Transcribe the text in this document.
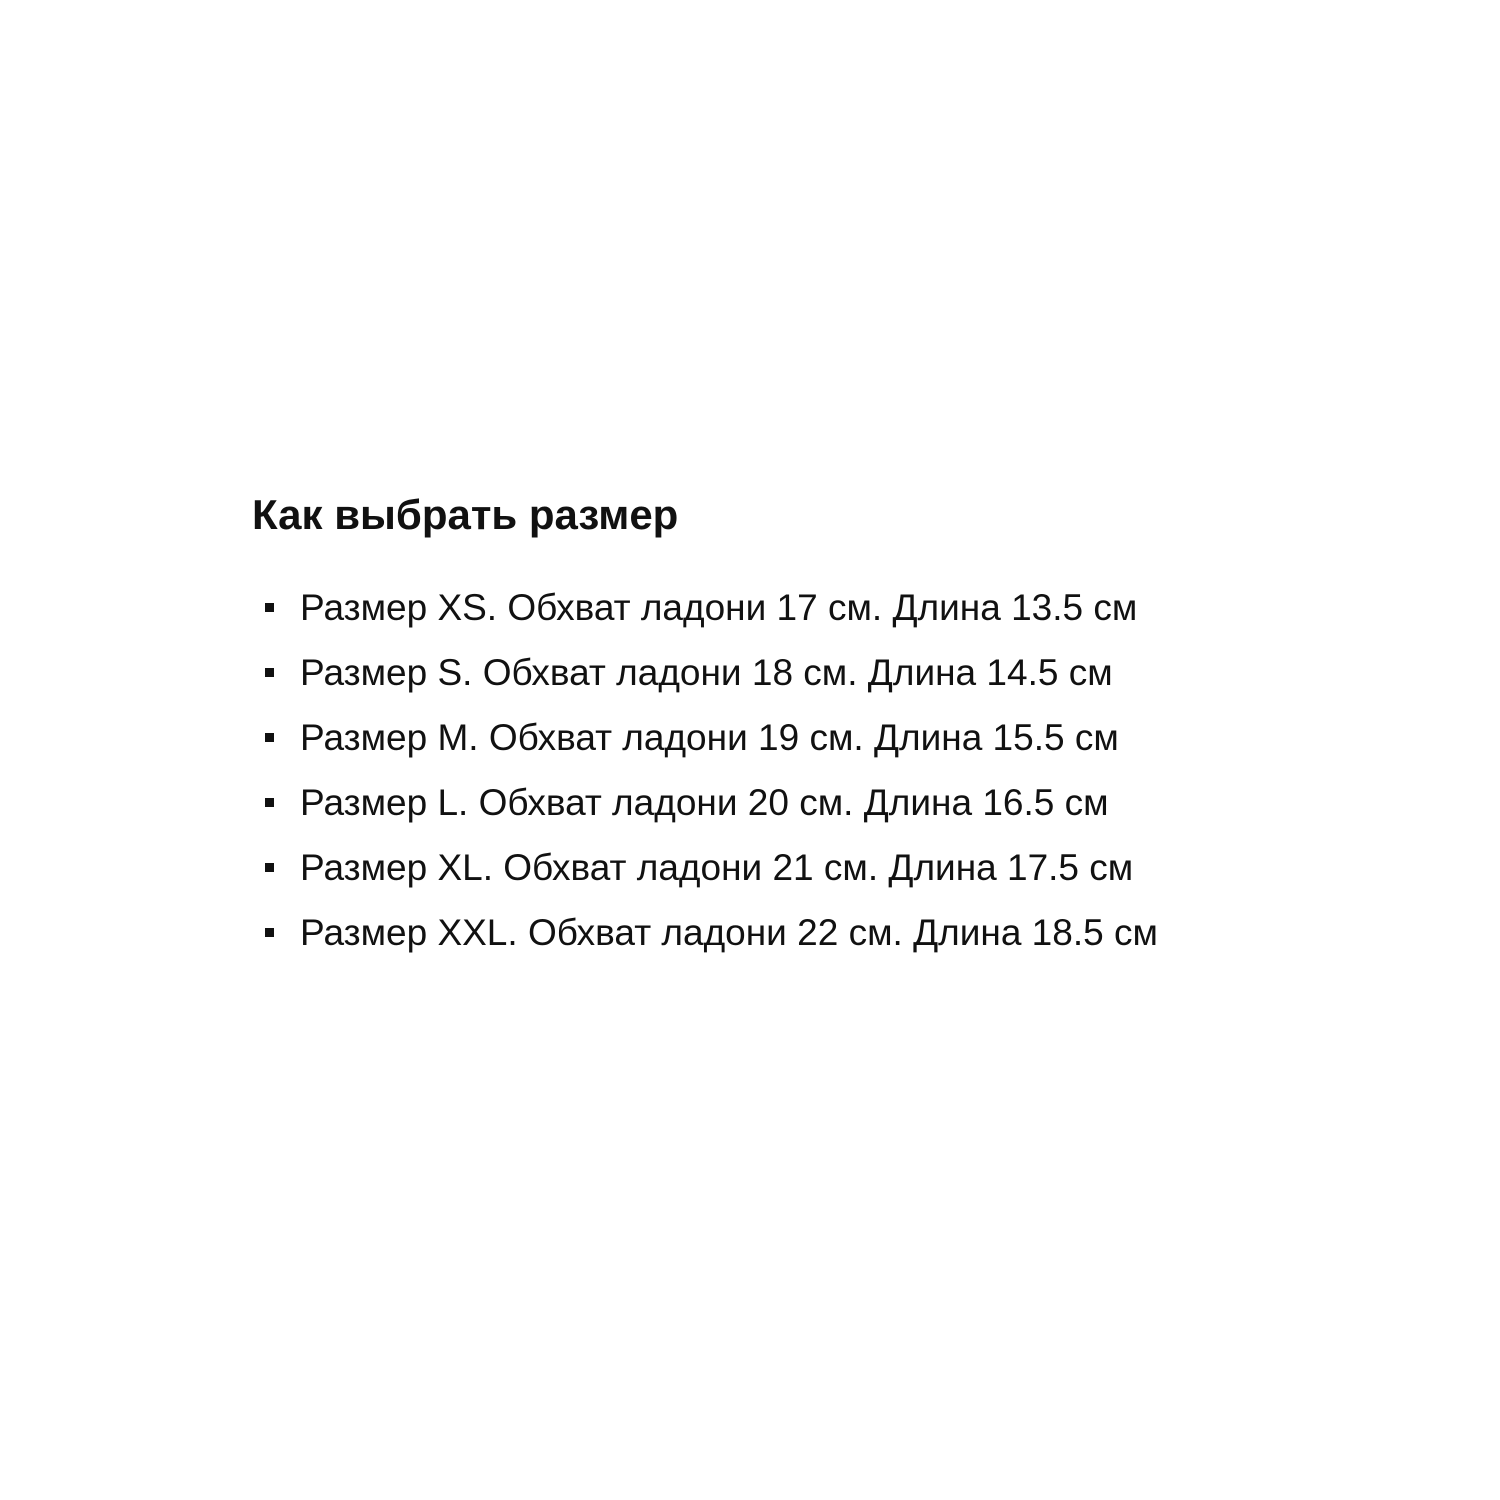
Как выбрать размер
Размер XS. Обхват ладони 17 см. Длина 13.5 см
Размер S. Обхват ладони 18 см. Длина 14.5 см
Размер M. Обхват ладони 19 см. Длина 15.5 см
Размер L. Обхват ладони 20 см. Длина 16.5 см
Размер XL. Обхват ладони 21 см. Длина 17.5 см
Размер XXL. Обхват ладони 22 см. Длина 18.5 см
